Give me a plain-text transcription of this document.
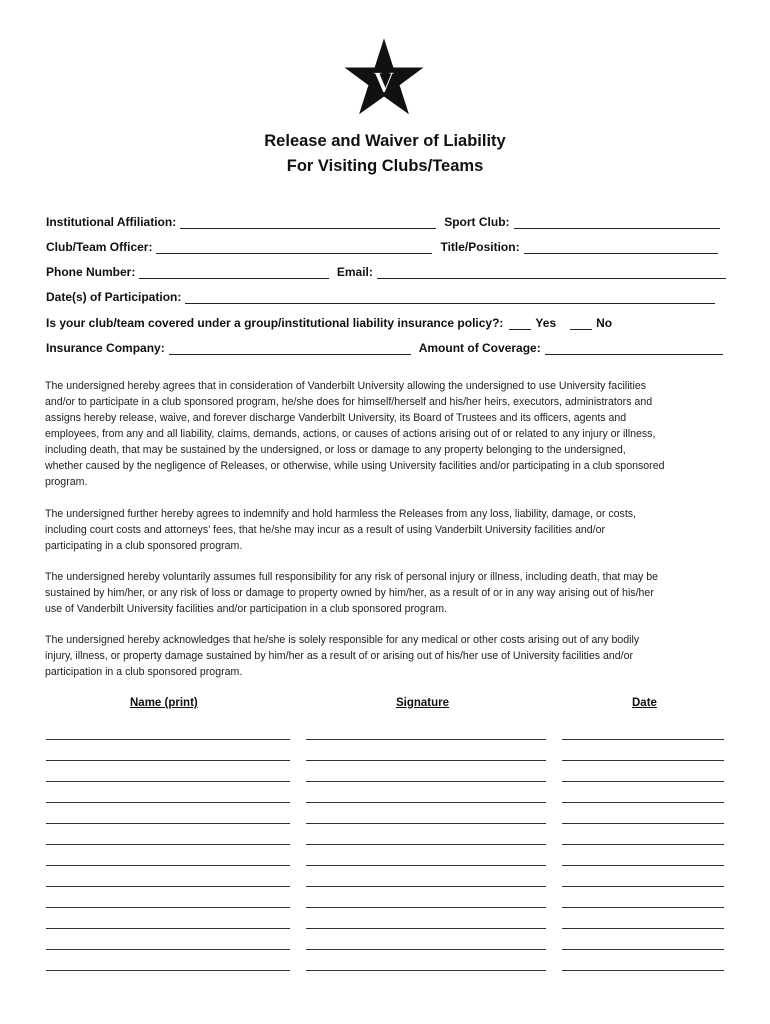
V
Release and Waiver of Liability
For Visiting Clubs/Teams
Institutional Affiliation:	Sport Club:
Club/Team Officer:	Title/Position:
Phone Number:	Email:
Date(s) of Participation:
Is your club/team covered under a group/institutional liability insurance policy?:	Yes	No
Insurance Company:	Amount of Coverage:
The undersigned hereby agrees that in consideration of Vanderbilt University allowing the undersigned to use University facilities
and/or to participate in a club sponsored program, he/she does for himself/herself and his/her heirs, executors, administrators and
assigns hereby release, waive, and forever discharge Vanderbilt University, its Board of Trustees and its officers, agents and
employees, from any and all liability, claims, demands, actions, or causes of actions arising out of or related to any injury or illness,
including death, that may be sustained by the undersigned, or loss or damage to any property belonging to the undersigned,
whether caused by the negligence of Releases, or otherwise, while using University facilities and/or participating in a club sponsored
program.
The undersigned further hereby agrees to indemnify and hold harmless the Releases from any loss, liability, damage, or costs,
including court costs and attorneys’ fees, that he/she may incur as a result of using Vanderbilt University facilities and/or
participating in a club sponsored program.
The undersigned hereby voluntarily assumes full responsibility for any risk of personal injury or illness, including death, that may be
sustained by him/her, or any risk of loss or damage to property owned by him/her, as a result of or in any way arising out of his/her
use of Vanderbilt University facilities and/or participation in a club sponsored program.
The undersigned hereby acknowledges that he/she is solely responsible for any medical or other costs arising out of any bodily
injury, illness, or property damage sustained by him/her as a result of or arising out of his/her use of University facilities and/or
participation in a club sponsored program.
Name (print)	Signature	Date
